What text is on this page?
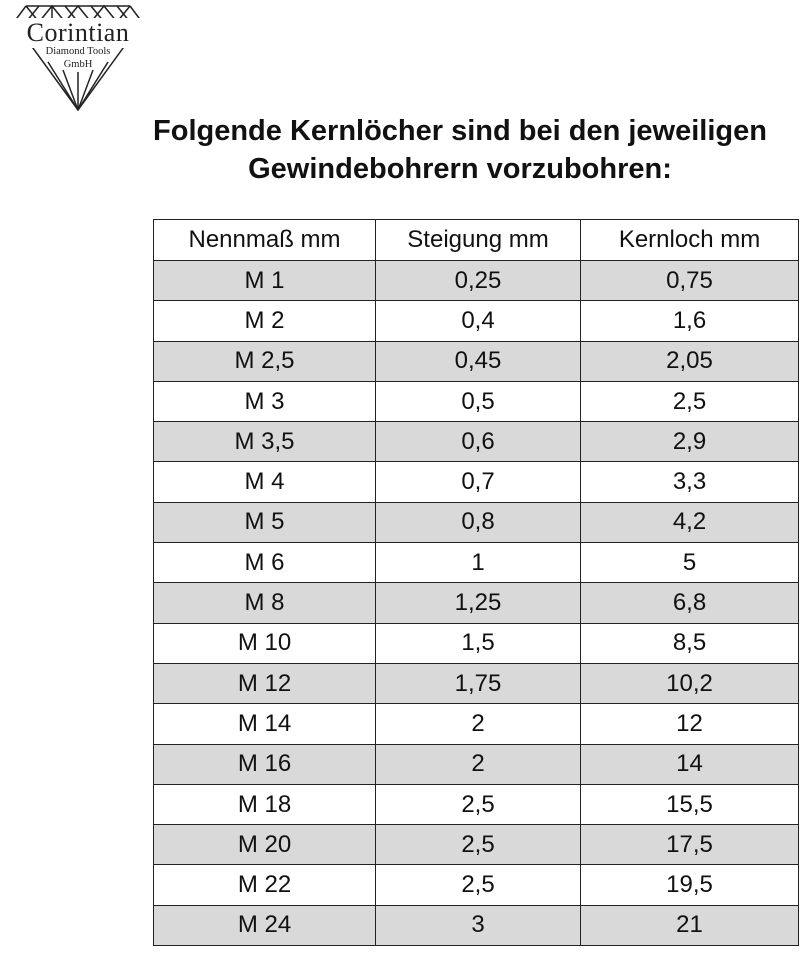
Corintian
Diamond Tools
GmbH
Folgende Kernlöcher sind bei den jeweiligen
Gewindebohrern vorzubohren:
Nennmaß mm	Steigung mm	Kernloch mm
M 1	0,25	0,75
M 2	0,4	1,6
M 2,5	0,45	2,05
M 3	0,5	2,5
M 3,5	0,6	2,9
M 4	0,7	3,3
M 5	0,8	4,2
M 6	1	5
M 8	1,25	6,8
M 10	1,5	8,5
M 12	1,75	10,2
M 14	2	12
M 16	2	14
M 18	2,5	15,5
M 20	2,5	17,5
M 22	2,5	19,5
M 24	3	21
